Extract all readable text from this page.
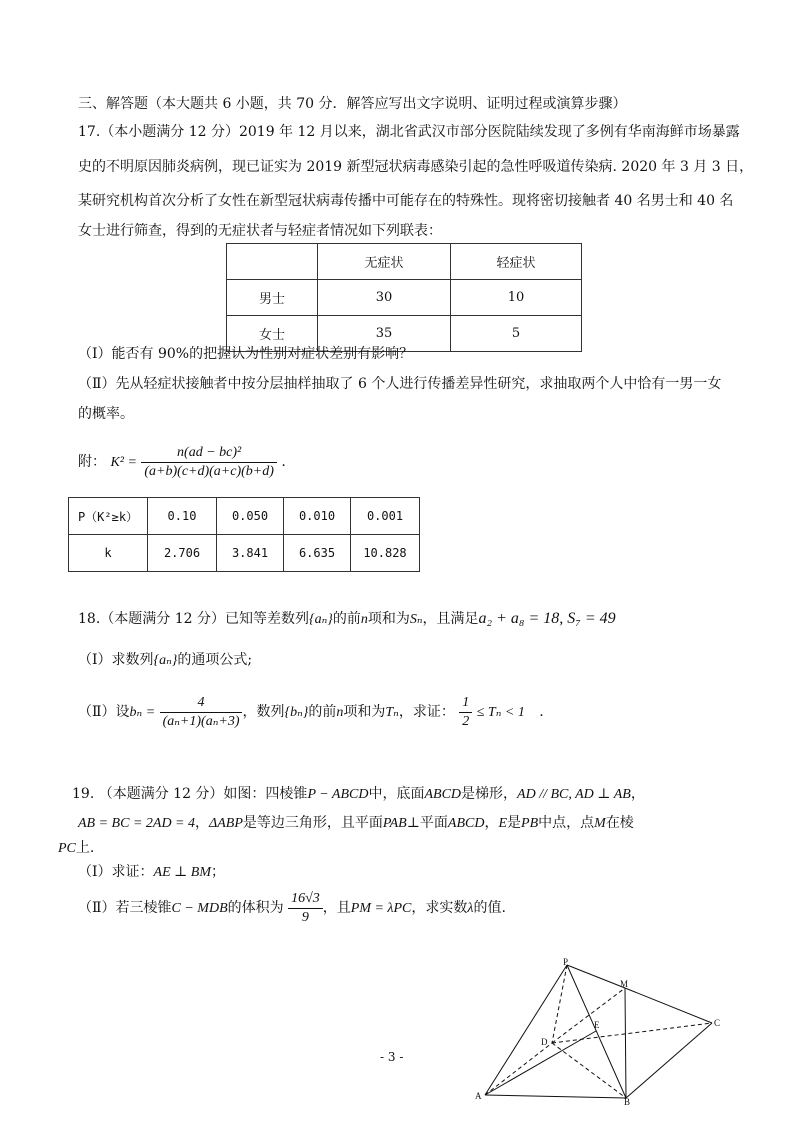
三、解答题（本大题共 6 小题，共 70 分．解答应写出文字说明、证明过程或演算步骤）
17.（本小题满分 12 分）2019 年 12 月以来，湖北省武汉市部分医院陆续发现了多例有华南海鲜市场暴露
史的不明原因肺炎病例，现已证实为 2019 新型冠状病毒感染引起的急性呼吸道传染病. 2020 年 3 月 3 日，
某研究机构首次分析了女性在新型冠状病毒传播中可能存在的特殊性。现将密切接触者 40 名男士和 40 名
女士进行筛查，得到的无症状者与轻症者情况如下列联表：
	无症状	轻症状
男士	30	10
女士	35	5
（Ⅰ）能否有 90%的把握认为性别对症状差别有影响？
（Ⅱ）先从轻症状接触者中按分层抽样抽取了 6 个人进行传播差异性研究，求抽取两个人中恰有一男一女
的概率。
附： $K^2 = \frac{\text{n(ad − bc)²}}{(a+b)(c+d)(a+c)(b+d)}$ .
P（K²≥k）	0.10	0.050	0.010	0.001
k	2.706	3.841	6.635	10.828
18.（本题满分 12 分）已知等差数列{aₙ}的前n项和为Sₙ，且满足a₂ + a₈ = 18, S₇ = 49
（Ⅰ）求数列{aₙ}的通项公式;
（Ⅱ）设$b_n = \frac{4}{\text{(aₙ+1)(aₙ+3)}}$ ，数列{bₙ}的前n项和为Tₙ，求证： $\frac{1}{2} \le T_n < 1$ .
19. （本题满分 12 分）如图：四棱锥P − ABCD中，底面ABCD是梯形，AD // BC, AD ⊥ AB，
AB = BC = 2AD = 4，ΔABP是等边三角形，且平面PAB⊥平面ABCD，E是PB中点，点M在棱
PC上.
（Ⅰ）求证：AE ⊥ BM；
（Ⅱ）若三棱锥C − MDB的体积为 $\frac{16√3}{9}$ ，且PM = λPC，求实数λ的值.
P
M
C
E
D
A
B
- 3 -
